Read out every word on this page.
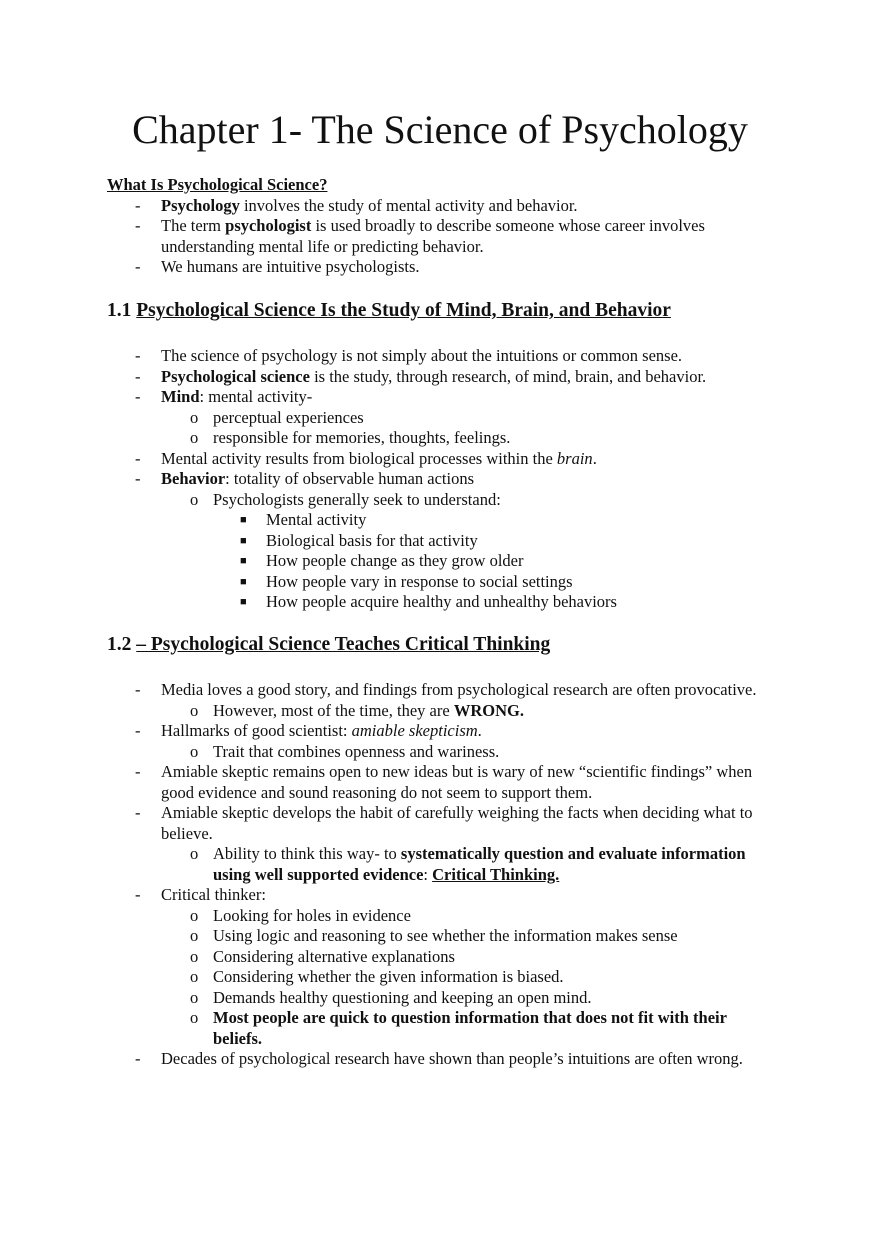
Chapter 1- The Science of Psychology
What Is Psychological Science?
- Psychology involves the study of mental activity and behavior.
- The term psychologist is used broadly to describe someone whose career involves understanding mental life or predicting behavior.
- We humans are intuitive psychologists.
1.1 Psychological Science Is the Study of Mind, Brain, and Behavior
- The science of psychology is not simply about the intuitions or common sense.
- Psychological science is the study, through research, of mind, brain, and behavior.
- Mind: mental activity-
o perceptual experiences
o responsible for memories, thoughts, feelings.
- Mental activity results from biological processes within the brain.
- Behavior: totality of observable human actions
o Psychologists generally seek to understand:
■ Mental activity
■ Biological basis for that activity
■ How people change as they grow older
■ How people vary in response to social settings
■ How people acquire healthy and unhealthy behaviors
1.2 – Psychological Science Teaches Critical Thinking
- Media loves a good story, and findings from psychological research are often provocative.
o However, most of the time, they are WRONG.
- Hallmarks of good scientist: amiable skepticism.
o Trait that combines openness and wariness.
- Amiable skeptic remains open to new ideas but is wary of new “scientific findings” when good evidence and sound reasoning do not seem to support them.
- Amiable skeptic develops the habit of carefully weighing the facts when deciding what to believe.
o Ability to think this way- to systematically question and evaluate information using well supported evidence: Critical Thinking.
- Critical thinker:
o Looking for holes in evidence
o Using logic and reasoning to see whether the information makes sense
o Considering alternative explanations
o Considering whether the given information is biased.
o Demands healthy questioning and keeping an open mind.
o Most people are quick to question information that does not fit with their beliefs.
- Decades of psychological research have shown than people’s intuitions are often wrong.
